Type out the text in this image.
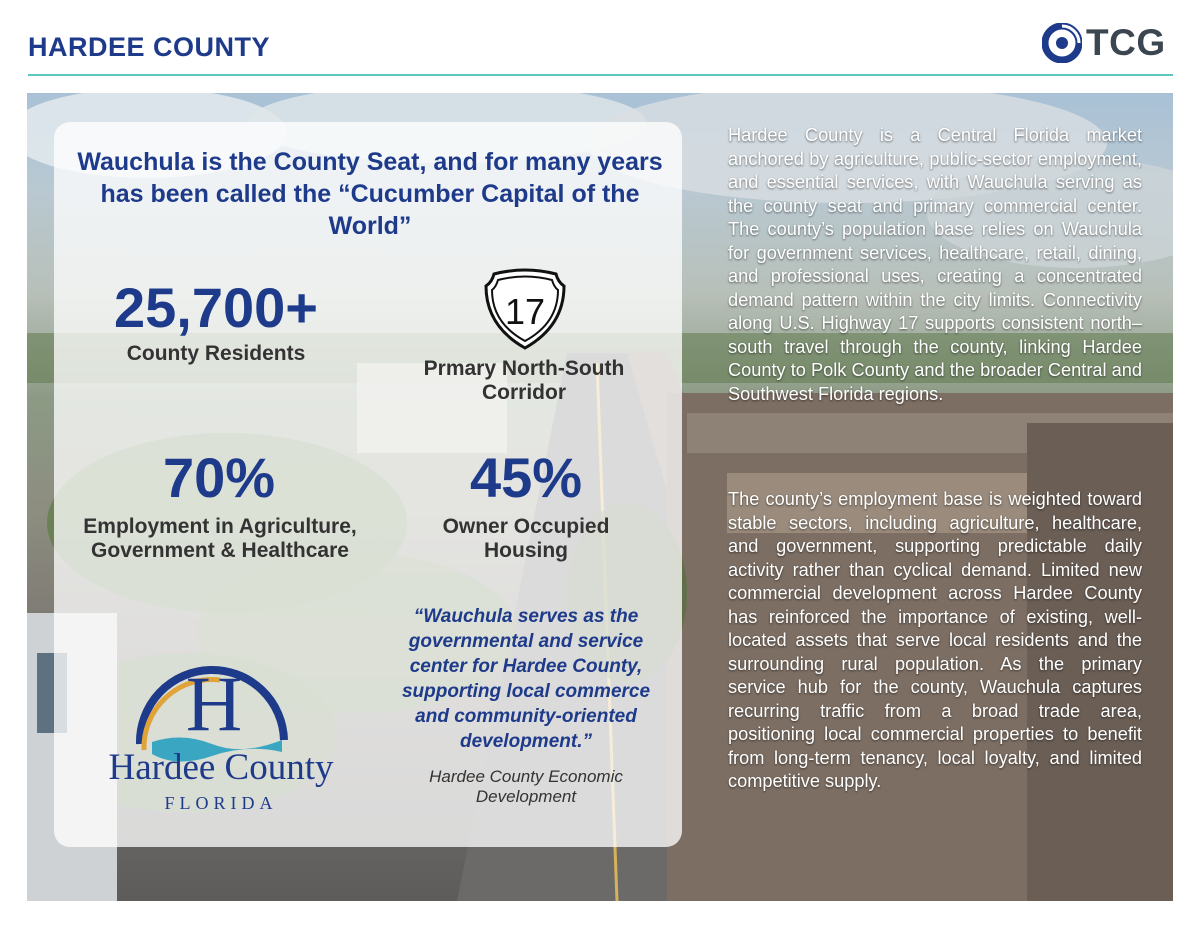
HARDEE COUNTY	TCG
Wauchula is the County Seat, and for many years has been called the “Cucumber Capital of the World”
25,700+
County Residents
17
Prmary North-South Corridor
70%
Employment in Agriculture, Government & Healthcare
45%
Owner Occupied Housing
H
Hardee County
FLORIDA
“Wauchula serves as the governmental and service center for Hardee County, supporting local commerce and community-oriented development.”
Hardee County Economic Development

Hardee County is a Central Florida market anchored by agriculture, public-sector employment, and essential services, with Wauchula serving as the county seat and primary commercial center. The county’s population base relies on Wauchula for government services, healthcare, retail, dining, and professional uses, creating a concentrated demand pattern within the city limits. Connectivity along U.S. Highway 17 supports consistent north–south travel through the county, linking Hardee County to Polk County and the broader Central and Southwest Florida regions.

The county’s employment base is weighted toward stable sectors, including agriculture, healthcare, and government, supporting predictable daily activity rather than cyclical demand. Limited new commercial development across Hardee County has reinforced the importance of existing, well-located assets that serve local residents and the surrounding rural population. As the primary service hub for the county, Wauchula captures recurring traffic from a broad trade area, positioning local commercial properties to benefit from long-term tenancy, local loyalty, and limited competitive supply.
